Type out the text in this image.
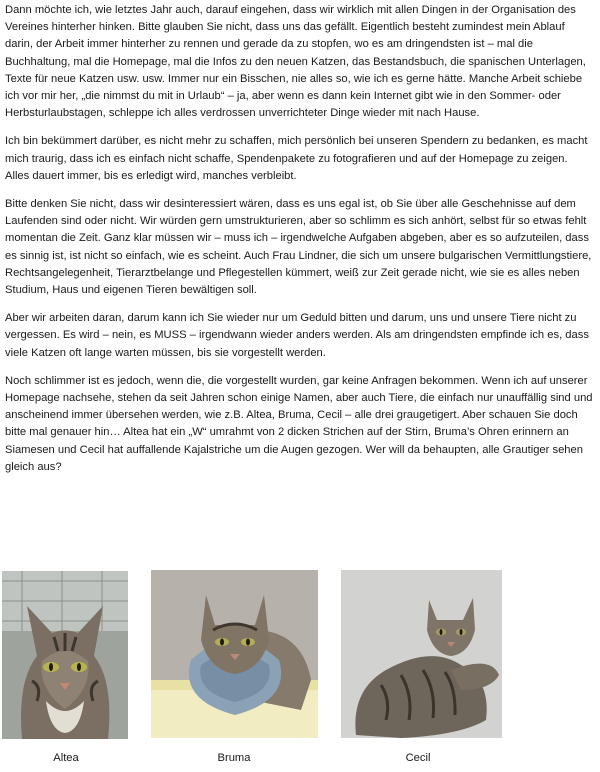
Dann möchte ich, wie letztes Jahr auch, darauf eingehen, dass wir wirklich mit allen Dingen in der Organisation des Vereines hinterher hinken. Bitte glauben Sie nicht, dass uns das gefällt. Eigentlich besteht zumindest mein Ablauf darin, der Arbeit immer hinterher zu rennen und gerade da zu stopfen, wo es am dringendsten ist – mal die Buchhaltung, mal die Homepage, mal die Infos zu den neuen Katzen, das Bestandsbuch, die spanischen Unterlagen, Texte für neue Katzen usw. usw. Immer nur ein Bisschen, nie alles so, wie ich es gerne hätte. Manche Arbeit schiebe ich vor mir her, „die nimmst du mit in Urlaub“ – ja, aber wenn es dann kein Internet gibt wie in den Sommer- oder Herbsturlaubstagen, schleppe ich alles verdrossen unverrichteter Dinge wieder mit nach Hause.

Ich bin bekümmert darüber, es nicht mehr zu schaffen, mich persönlich bei unseren Spendern zu bedanken, es macht mich traurig, dass ich es einfach nicht schaffe, Spendenpakete zu fotografieren und auf der Homepage zu zeigen. Alles dauert immer, bis es erledigt wird, manches verbleibt.

Bitte denken Sie nicht, dass wir desinteressiert wären, dass es uns egal ist, ob Sie über alle Geschehnisse auf dem Laufenden sind oder nicht. Wir würden gern umstrukturieren, aber so schlimm es sich anhört, selbst für so etwas fehlt momentan die Zeit. Ganz klar müssen wir – muss ich – irgendwelche Aufgaben abgeben, aber es so aufzuteilen, dass es sinnig ist, ist nicht so einfach, wie es scheint. Auch Frau Lindner, die sich um unsere bulgarischen Vermittlungstiere, Rechtsangelegenheit, Tierarztbelange und Pflegestellen kümmert, weiß zur Zeit gerade nicht, wie sie es alles neben Studium, Haus und eigenen Tieren bewältigen soll.

Aber wir arbeiten daran, darum kann ich Sie wieder nur um Geduld bitten und darum, uns und unsere Tiere nicht zu vergessen. Es wird – nein, es MUSS – irgendwann wieder anders werden. Als am dringendsten empfinde ich es, dass viele Katzen oft lange warten müssen, bis sie vorgestellt werden.

Noch schlimmer ist es jedoch, wenn die, die vorgestellt wurden, gar keine Anfragen bekommen. Wenn ich auf unserer Homepage nachsehe, stehen da seit Jahren schon einige Namen, aber auch Tiere, die einfach nur unauffällig sind und anscheinend immer übersehen werden, wie z.B. Altea, Bruma, Cecil – alle drei graugetigert. Aber schauen Sie doch bitte mal genauer hin… Altea hat ein „W“ umrahmt von 2 dicken Strichen auf der Stirn, Bruma’s Ohren erinnern an Siamesen und Cecil hat auffallende Kajalstriche um die Augen gezogen. Wer will da behaupten, alle Grautiger sehen gleich aus?

Altea	Bruma	Cecil
